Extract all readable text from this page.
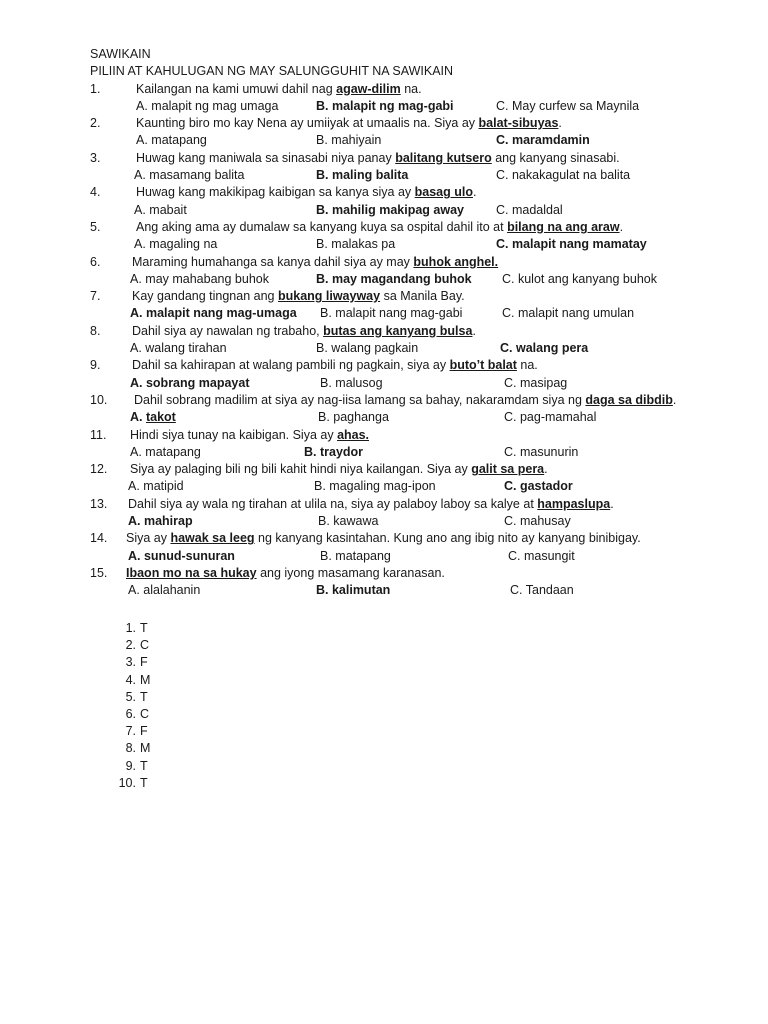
SAWIKAIN
PILIIN AT KAHULUGAN NG MAY SALUNGGUHIT NA SAWIKAIN
1.	Kailangan na kami umuwi dahil nag agaw-dilim na.
A. malapit ng mag umaga	B. malapit ng mag-gabi	C. May curfew sa Maynila
2.	Kaunting biro mo kay Nena ay umiiyak at umaalis na. Siya ay balat-sibuyas.
A. matapang	B. mahiyain	C. maramdamin
3.	Huwag kang maniwala sa sinasabi niya panay balitang kutsero ang kanyang sinasabi.
A. masamang balita	B. maling balita	C. nakakagulat na balita
4.	Huwag kang makikipag kaibigan sa kanya siya ay basag ulo.
A. mabait	B. mahilig makipag away	C. madaldal
5.	Ang aking ama ay dumalaw sa kanyang kuya sa ospital dahil ito at bilang na ang araw.
A. magaling na	B. malakas pa	C. malapit nang mamatay
6.	Maraming humahanga sa kanya dahil siya ay may buhok anghel.
A. may mahabang buhok	B. may magandang buhok C. kulot ang kanyang buhok
7.	Kay gandang tingnan ang bukang liwayway sa Manila Bay.
A. malapit nang mag-umaga B. malapit nang mag-gabi	C. malapit nang umulan
8.	Dahil siya ay nawalan ng trabaho, butas ang kanyang bulsa.
A. walang tirahan	B. walang pagkain	C. walang pera
9.	Dahil sa kahirapan at walang pambili ng pagkain, siya ay buto’t balat na.
A. sobrang mapayat	B. malusog	C. masipag
10.	Dahil sobrang madilim at siya ay nag-iisa lamang sa bahay, nakaramdam siya ng daga sa dibdib.
A. takot	B. paghanga	C. pag-mamahal
11.	Hindi siya tunay na kaibigan. Siya ay ahas.
A. matapang	B. traydor	C. masunurin
12.	Siya ay palaging bili ng bili kahit hindi niya kailangan. Siya ay galit sa pera.
A. matipid	B. magaling mag-ipon	C. gastador
13.	Dahil siya ay wala ng tirahan at ulila na, siya ay palaboy laboy sa kalye at hampaslupa.
A. mahirap	B. kawawa	C. mahusay
14.	Siya ay hawak sa leeg ng kanyang kasintahan. Kung ano ang ibig nito ay kanyang binibigay.
A. sunud-sunuran	B. matapang	C. masungit
15.	Ibaon mo na sa hukay ang iyong masamang karanasan.
A. alalahanin	B. kalimutan	C. Tandaan
1. T
2. C
3. F
4. M
5. T
6. C
7. F
8. M
9. T
10. T
